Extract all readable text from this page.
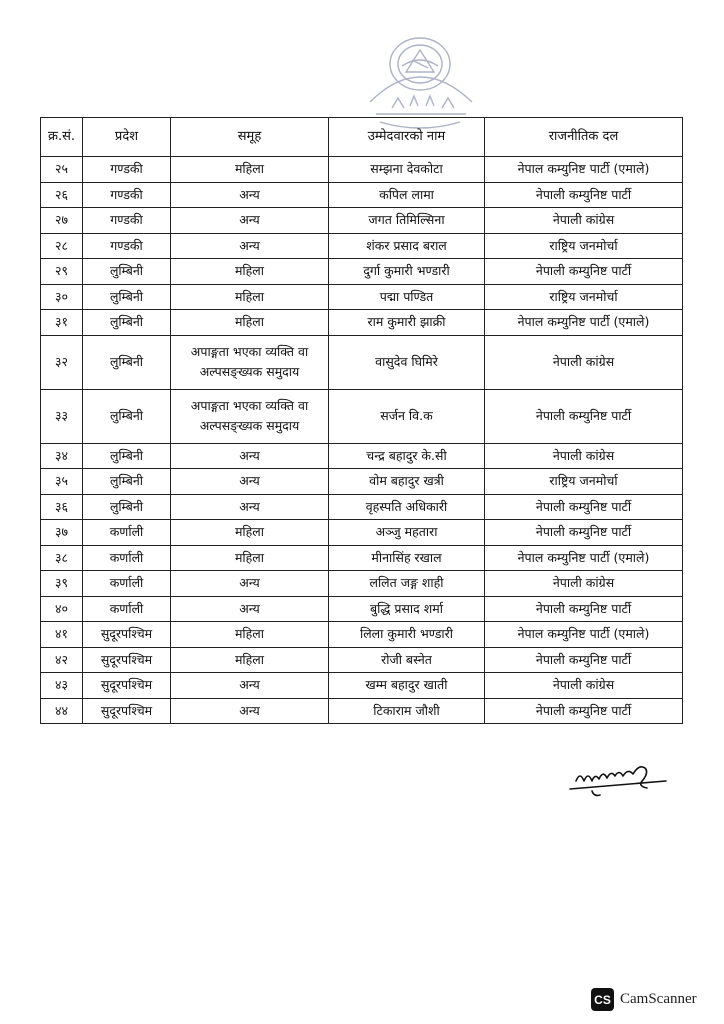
क्र.सं.	प्रदेश	समूह	उम्मेदवारको नाम	राजनीतिक दल
२५	गण्डकी	महिला	सम्झना देवकोटा	नेपाल कम्युनिष्ट पार्टी (एमाले)
२६	गण्डकी	अन्य	कपिल लामा	नेपाली कम्युनिष्ट पार्टी
२७	गण्डकी	अन्य	जगत तिमिल्सिना	नेपाली कांग्रेस
२८	गण्डकी	अन्य	शंकर प्रसाद बराल	राष्ट्रिय जनमोर्चा
२९	लुम्बिनी	महिला	दुर्गा कुमारी भण्डारी	नेपाली कम्युनिष्ट पार्टी
३०	लुम्बिनी	महिला	पद्मा पण्डित	राष्ट्रिय जनमोर्चा
३१	लुम्बिनी	महिला	राम कुमारी झाक्री	नेपाल कम्युनिष्ट पार्टी (एमाले)
३२	लुम्बिनी	अपाङ्गता भएका व्यक्ति वा अल्पसङ्ख्यक समुदाय	वासुदेव घिमिरे	नेपाली कांग्रेस
३३	लुम्बिनी	अपाङ्गता भएका व्यक्ति वा अल्पसङ्ख्यक समुदाय	सर्जन वि.क	नेपाली कम्युनिष्ट पार्टी
३४	लुम्बिनी	अन्य	चन्द्र बहादुर के.सी	नेपाली कांग्रेस
३५	लुम्बिनी	अन्य	वोम बहादुर खत्री	राष्ट्रिय जनमोर्चा
३६	लुम्बिनी	अन्य	वृहस्पति अधिकारी	नेपाली कम्युनिष्ट पार्टी
३७	कर्णाली	महिला	अञ्जु महतारा	नेपाली कम्युनिष्ट पार्टी
३८	कर्णाली	महिला	मीनासिंह रखाल	नेपाल कम्युनिष्ट पार्टी (एमाले)
३९	कर्णाली	अन्य	ललित जङ्ग शाही	नेपाली कांग्रेस
४०	कर्णाली	अन्य	बुद्धि प्रसाद शर्मा	नेपाली कम्युनिष्ट पार्टी
४१	सुदूरपश्चिम	महिला	लिला कुमारी भण्डारी	नेपाल कम्युनिष्ट पार्टी (एमाले)
४२	सुदूरपश्चिम	महिला	रोजी बस्नेत	नेपाली कम्युनिष्ट पार्टी
४३	सुदूरपश्चिम	अन्य	खम्म बहादुर खाती	नेपाली कांग्रेस
४४	सुदूरपश्चिम	अन्य	टिकाराम जौशी	नेपाली कम्युनिष्ट पार्टी
CS CamScanner
